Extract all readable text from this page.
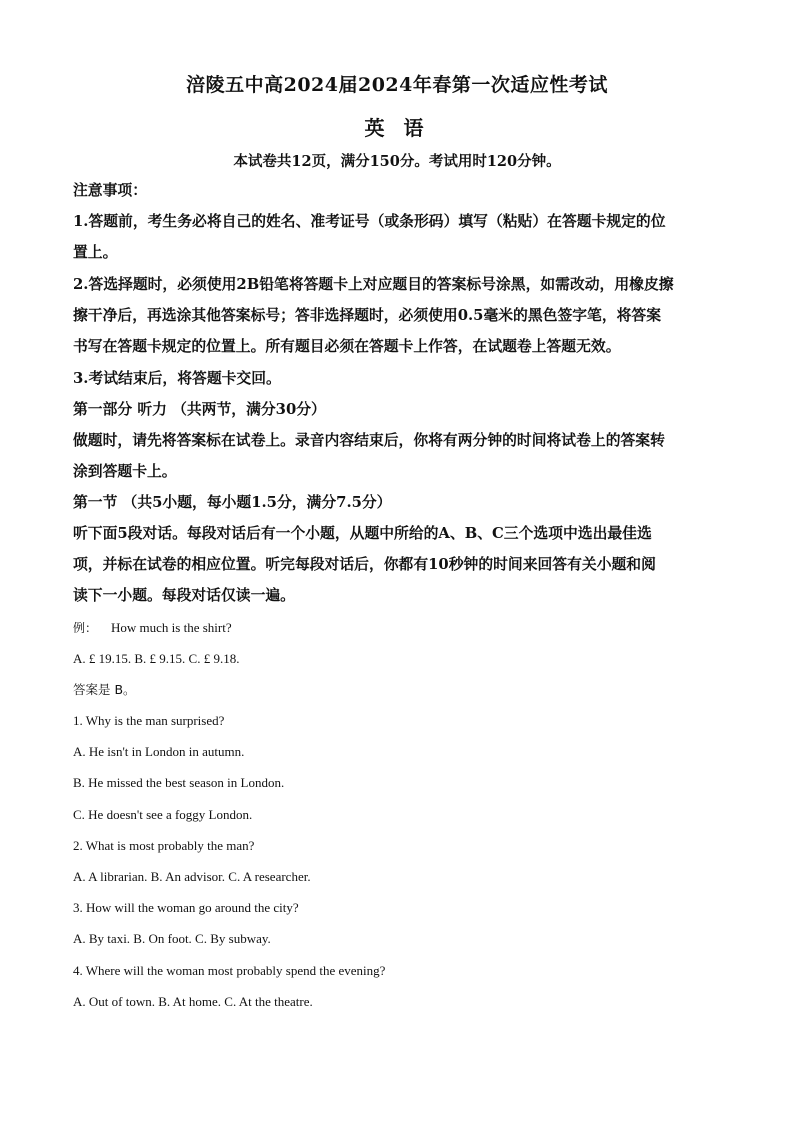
涪陵五中高2024届2024年春第一次适应性考试
英 语
本试卷共12页，满分150分。考试用时120分钟。
注意事项：
1.答题前，考生务必将自己的姓名、准考证号（或条形码）填写（粘贴）在答题卡规定的位
置上。
2.答选择题时，必须使用2B铅笔将答题卡上对应题目的答案标号涂黑，如需改动，用橡皮擦
擦干净后，再选涂其他答案标号；答非选择题时，必须使用0.5毫米的黑色签字笔，将答案
书写在答题卡规定的位置上。所有题目必须在答题卡上作答，在试题卷上答题无效。
3.考试结束后，将答题卡交回。
第一部分 听力 （共两节，满分30分）
做题时，请先将答案标在试卷上。录音内容结束后，你将有两分钟的时间将试卷上的答案转
涂到答题卡上。
第一节 （共5小题，每小题1.5分，满分7.5分）
听下面5段对话。每段对话后有一个小题，从题中所给的A、B、C三个选项中选出最佳选
项，并标在试卷的相应位置。听完每段对话后，你都有10秒钟的时间来回答有关小题和阅
读下一小题。每段对话仅读一遍。
例： How much is the shirt?
A. £ 19.15. B. £ 9.15. C. £ 9.18.
答案是 B。
1. Why is the man surprised?
A. He isn't in London in autumn.
B. He missed the best season in London.
C. He doesn't see a foggy London.
2. What is most probably the man?
A. A librarian. B. An advisor. C. A researcher.
3. How will the woman go around the city?
A. By taxi. B. On foot. C. By subway.
4. Where will the woman most probably spend the evening?
A. Out of town. B. At home. C. At the theatre.
